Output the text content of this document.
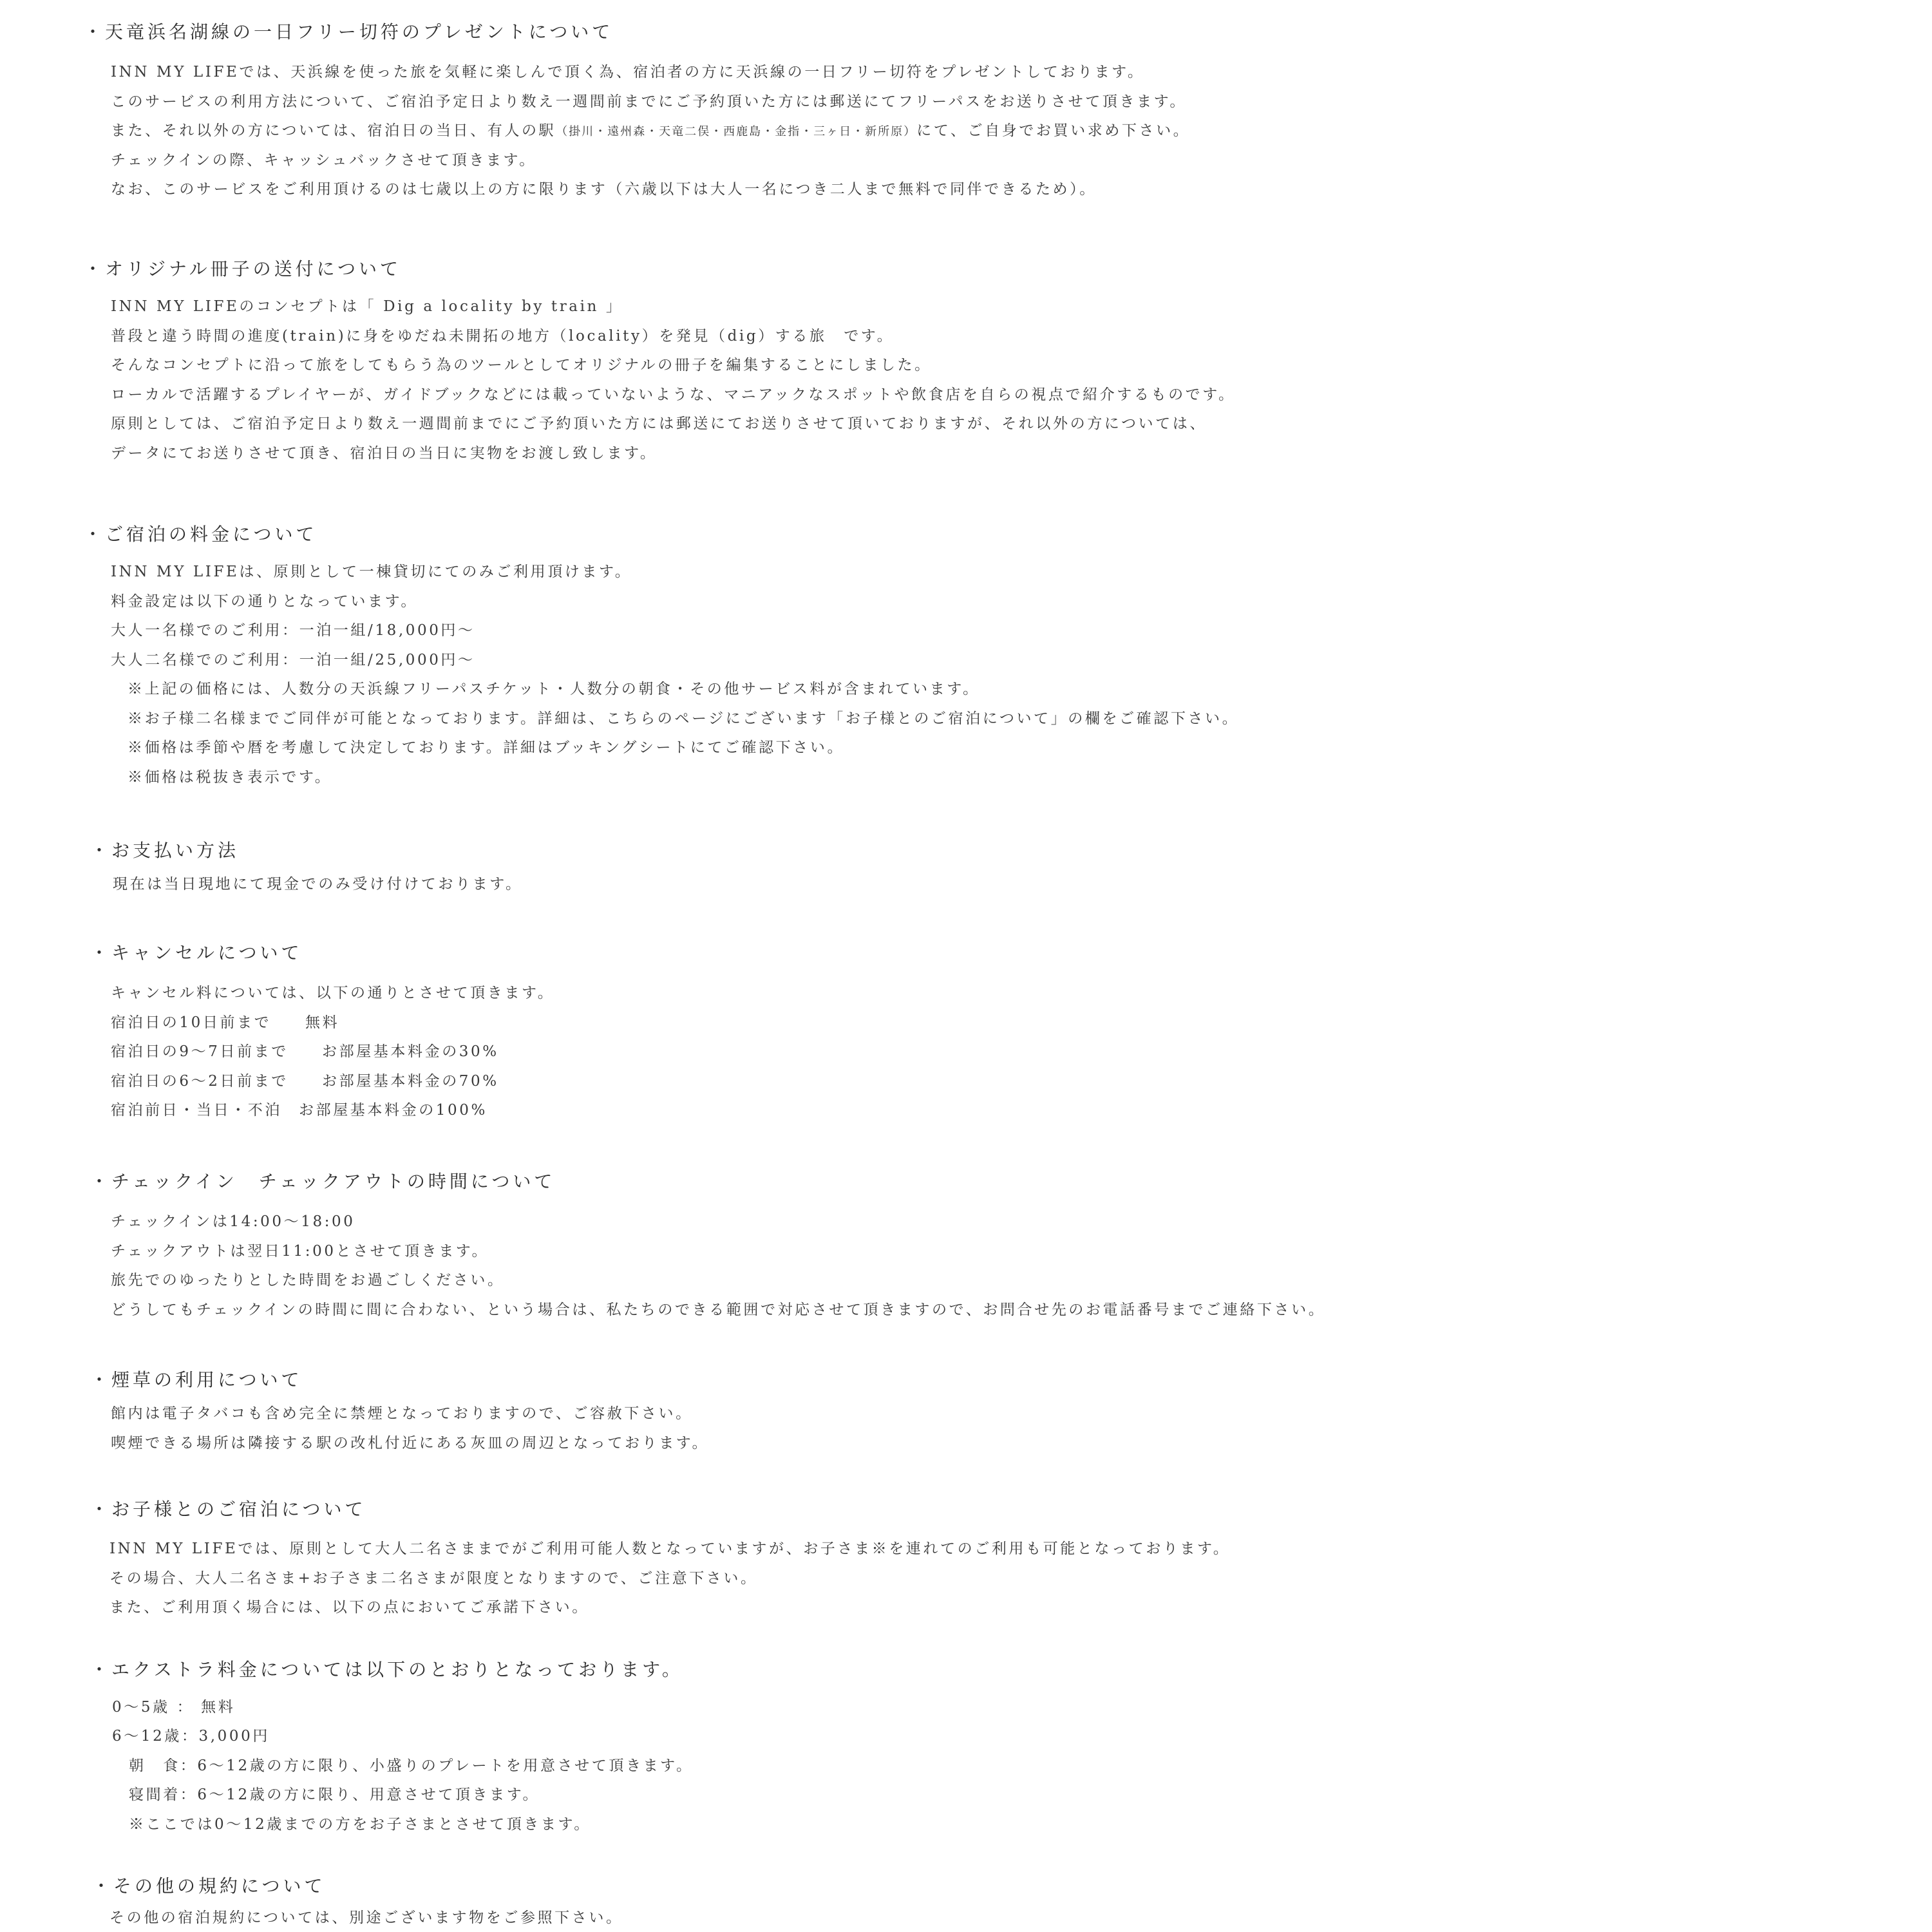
・天竜浜名湖線の一日フリー切符のプレゼントについて
INN MY LIFEでは、天浜線を使った旅を気軽に楽しんで頂く為、宿泊者の方に天浜線の一日フリー切符をプレゼントしております。
このサービスの利用方法について、ご宿泊予定日より数え一週間前までにご予約頂いた方には郵送にてフリーパスをお送りさせて頂きます。
また、それ以外の方については、宿泊日の当日、有人の駅（掛川・遠州森・天竜二俣・西鹿島・金指・三ヶ日・新所原）にて、ご自身でお買い求め下さい。
チェックインの際、キャッシュバックさせて頂きます。
なお、このサービスをご利用頂けるのは七歳以上の方に限ります（六歳以下は大人一名につき二人まで無料で同伴できるため）。
・オリジナル冊子の送付について
INN MY LIFEのコンセプトは「 Dig a locality by train 」
普段と違う時間の進度(train)に身をゆだね未開拓の地方（locality）を発見（dig）する旅　です。
そんなコンセプトに沿って旅をしてもらう為のツールとしてオリジナルの冊子を編集することにしました。
ローカルで活躍するプレイヤーが、ガイドブックなどには載っていないような、マニアックなスポットや飲食店を自らの視点で紹介するものです。
原則としては、ご宿泊予定日より数え一週間前までにご予約頂いた方には郵送にてお送りさせて頂いておりますが、それ以外の方については、
データにてお送りさせて頂き、宿泊日の当日に実物をお渡し致します。
・ご宿泊の料金について
INN MY LIFEは、原則として一棟貸切にてのみご利用頂けます。
料金設定は以下の通りとなっています。
大人一名様でのご利用：一泊一組/18,000円～
大人二名様でのご利用：一泊一組/25,000円～
※上記の価格には、人数分の天浜線フリーパスチケット・人数分の朝食・その他サービス料が含まれています。
※お子様二名様までご同伴が可能となっております。詳細は、こちらのページにございます「お子様とのご宿泊について」の欄をご確認下さい。
※価格は季節や暦を考慮して決定しております。詳細はブッキングシートにてご確認下さい。
※価格は税抜き表示です。
・お支払い方法
現在は当日現地にて現金でのみ受け付けております。
・キャンセルについて
キャンセル料については、以下の通りとさせて頂きます。
宿泊日の10日前まで 無料
宿泊日の9～7日前まで お部屋基本料金の30%
宿泊日の6～2日前まで お部屋基本料金の70%
宿泊前日・当日・不泊 お部屋基本料金の100%
・チェックイン　チェックアウトの時間について
チェックインは14:00～18:00
チェックアウトは翌日11:00とさせて頂きます。
旅先でのゆったりとした時間をお過ごしください。
どうしてもチェックインの時間に間に合わない、という場合は、私たちのできる範囲で対応させて頂きますので、お問合せ先のお電話番号までご連絡下さい。
・煙草の利用について
館内は電子タバコも含め完全に禁煙となっておりますので、ご容赦下さい。
喫煙できる場所は隣接する駅の改札付近にある灰皿の周辺となっております。
・お子様とのご宿泊について
INN MY LIFEでは、原則として大人二名さままでがご利用可能人数となっていますが、お子さま※を連れてのご利用も可能となっております。
その場合、大人二名さま+お子さま二名さまが限度となりますので、ご注意下さい。
また、ご利用頂く場合には、以下の点においてご承諾下さい。
・エクストラ料金については以下のとおりとなっております。
0～5歳 ： 無料
6～12歳：3,000円
朝　食：6～12歳の方に限り、小盛りのプレートを用意させて頂きます。
寝間着：6～12歳の方に限り、用意させて頂きます。
※ここでは0～12歳までの方をお子さまとさせて頂きます。
・その他の規約について
その他の宿泊規約については、別途ございます物をご参照下さい。
